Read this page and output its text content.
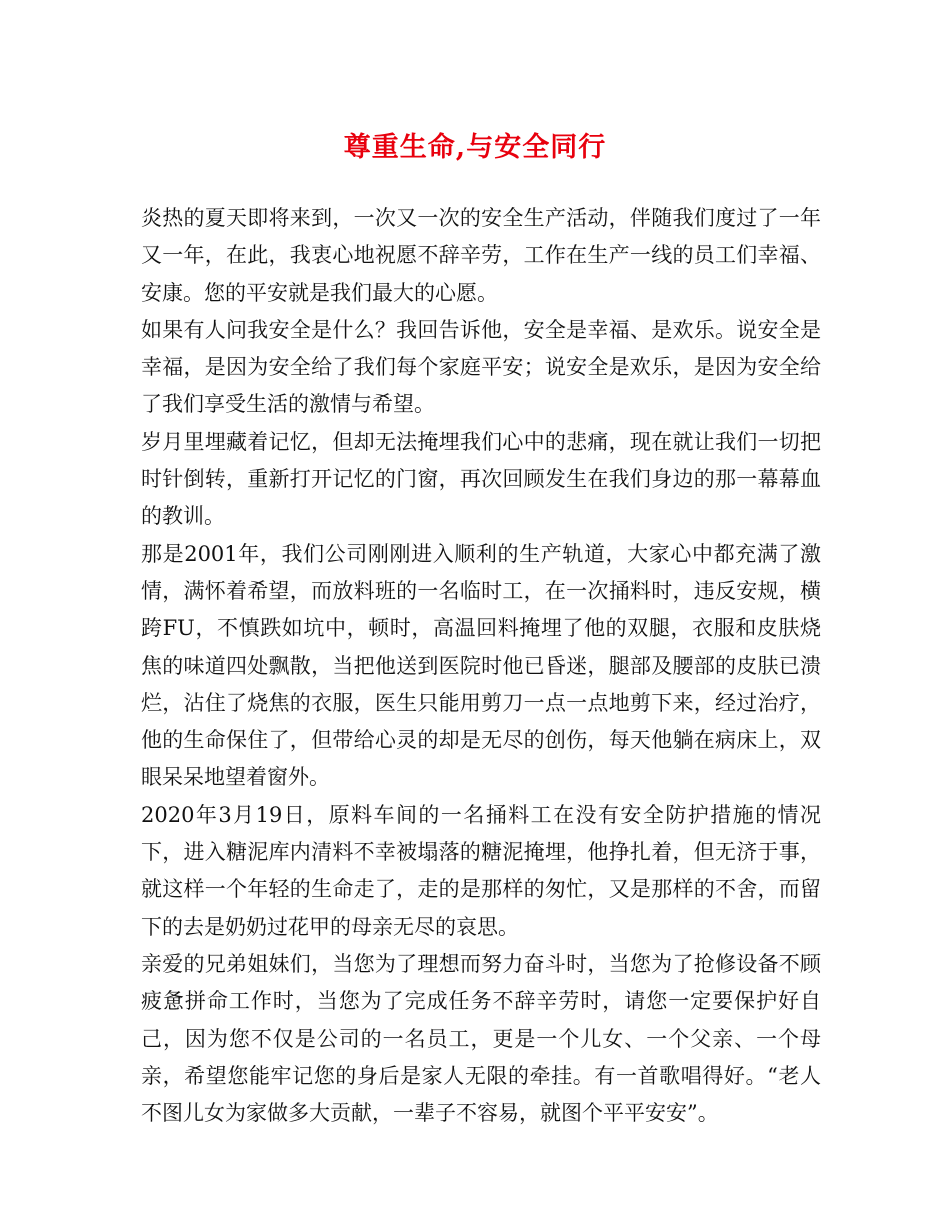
尊重生命,与安全同行

炎热的夏天即将来到，一次又一次的安全生产活动，伴随我们度过了一年又一年，在此，我衷心地祝愿不辞辛劳，工作在生产一线的员工们幸福、安康。您的平安就是我们最大的心愿。

如果有人问我安全是什么？我回告诉他，安全是幸福、是欢乐。说安全是幸福，是因为安全给了我们每个家庭平安；说安全是欢乐，是因为安全给了我们享受生活的激情与希望。

岁月里埋藏着记忆，但却无法掩埋我们心中的悲痛，现在就让我们一切把时针倒转，重新打开记忆的门窗，再次回顾发生在我们身边的那一幕幕血的教训。

那是2001年，我们公司刚刚进入顺利的生产轨道，大家心中都充满了激情，满怀着希望，而放料班的一名临时工，在一次捅料时，违反安规，横跨FU，不慎跌如坑中，顿时，高温回料掩埋了他的双腿，衣服和皮肤烧焦的味道四处飘散，当把他送到医院时他已昏迷，腿部及腰部的皮肤已溃烂，沾住了烧焦的衣服，医生只能用剪刀一点一点地剪下来，经过治疗，他的生命保住了，但带给心灵的却是无尽的创伤，每天他躺在病床上，双眼呆呆地望着窗外。

2020年3月19日，原料车间的一名捅料工在没有安全防护措施的情况下，进入糖泥库内清料不幸被塌落的糖泥掩埋，他挣扎着，但无济于事，就这样一个年轻的生命走了，走的是那样的匆忙，又是那样的不舍，而留下的去是奶奶过花甲的母亲无尽的哀思。

亲爱的兄弟姐妹们，当您为了理想而努力奋斗时，当您为了抢修设备不顾疲惫拼命工作时，当您为了完成任务不辞辛劳时，请您一定要保护好自己，因为您不仅是公司的一名员工，更是一个儿女、一个父亲、一个母亲，希望您能牢记您的身后是家人无限的牵挂。有一首歌唱得好。“老人不图儿女为家做多大贡献，一辈子不容易，就图个平平安安”。
